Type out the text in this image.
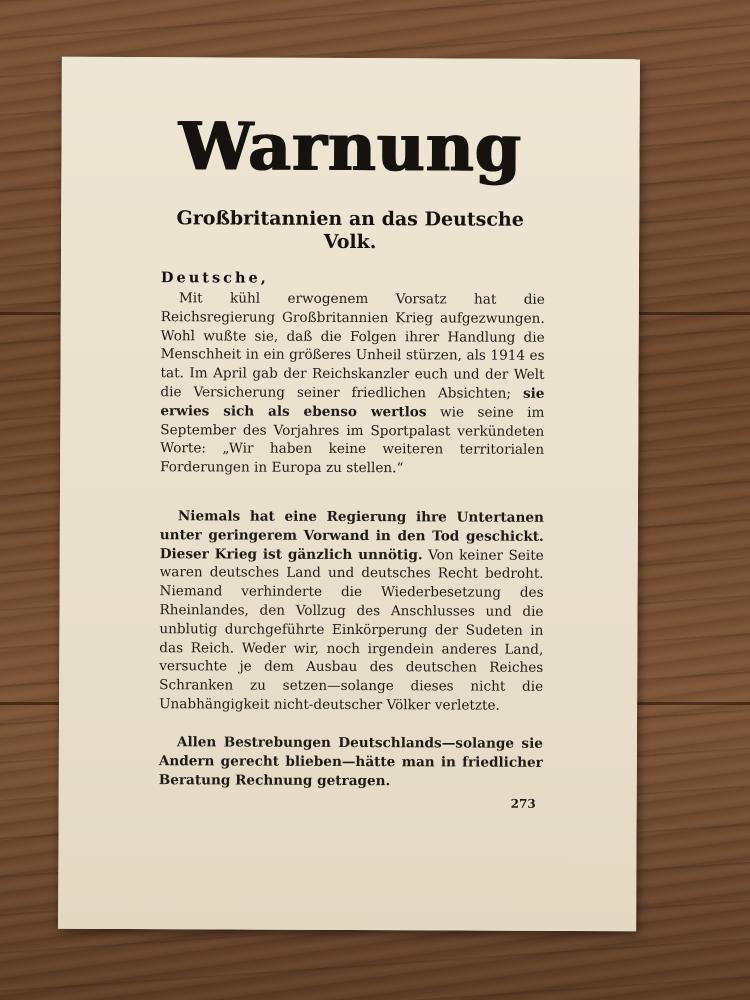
Warnung
Großbritannien an das Deutsche Volk.
Deutsche,
Mit kühl erwogenem Vorsatz hat die Reichsregierung Großbritannien Krieg aufgezwungen. Wohl wußte sie, daß die Folgen ihrer Handlung die Menschheit in ein größeres Unheil stürzen, als 1914 es tat. Im April gab der Reichskanzler euch und der Welt die Versicherung seiner friedlichen Absichten; sie erwies sich als ebenso wertlos wie seine im September des Vorjahres im Sportpalast verkündeten Worte: „Wir haben keine weiteren territorialen Forderungen in Europa zu stellen.“
Niemals hat eine Regierung ihre Untertanen unter geringerem Vorwand in den Tod geschickt. Dieser Krieg ist gänzlich unnötig. Von keiner Seite waren deutsches Land und deutsches Recht bedroht. Niemand verhinderte die Wiederbesetzung des Rheinlandes, den Vollzug des Anschlusses und die unblutig durchgeführte Einkörperung der Sudeten in das Reich. Weder wir, noch irgendein anderes Land, versuchte je dem Ausbau des deutschen Reiches Schranken zu setzen—solange dieses nicht die Unabhängigkeit nicht-deutscher Völker verletzte.
Allen Bestrebungen Deutschlands—solange sie Andern gerecht blieben—hätte man in friedlicher Beratung Rechnung getragen.
273
